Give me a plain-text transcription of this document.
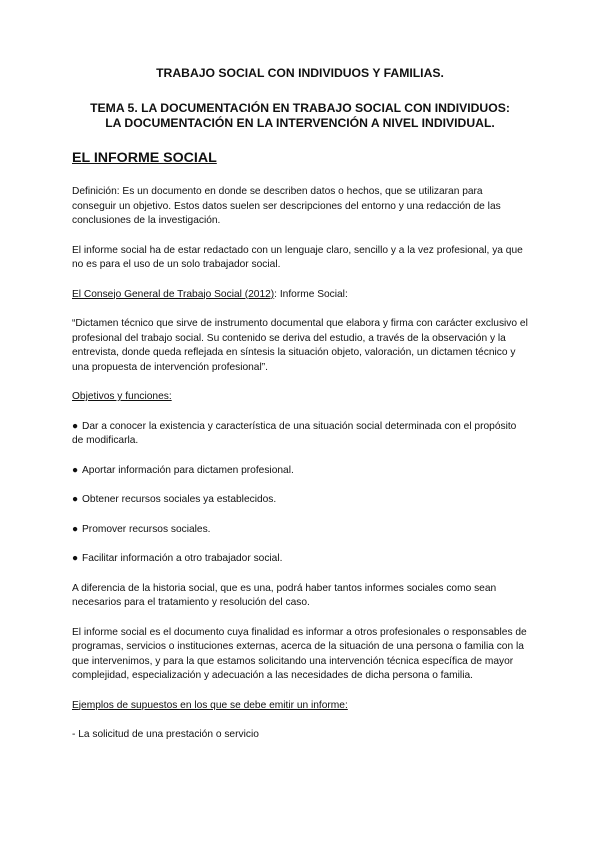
TRABAJO SOCIAL CON INDIVIDUOS Y FAMILIAS.

TEMA 5. LA DOCUMENTACIÓN EN TRABAJO SOCIAL CON INDIVIDUOS:

LA DOCUMENTACIÓN EN LA INTERVENCIÓN A NIVEL INDIVIDUAL.

EL INFORME SOCIAL

Definición: Es un documento en donde se describen datos o hechos, que se utilizaran para conseguir un objetivo. Estos datos suelen ser descripciones del entorno y una redacción de las conclusiones de la investigación.

El informe social ha de estar redactado con un lenguaje claro, sencillo y a la vez profesional, ya que no es para el uso de un solo trabajador social.

El Consejo General de Trabajo Social (2012): Informe Social:

“Dictamen técnico que sirve de instrumento documental que elabora y firma con carácter exclusivo el profesional del trabajo social. Su contenido se deriva del estudio, a través de la observación y la entrevista, donde queda reflejada en síntesis la situación objeto, valoración, un dictamen técnico y una propuesta de intervención profesional”.

Objetivos y funciones:

● Dar a conocer la existencia y característica de una situación social determinada con el propósito de modificarla.

● Aportar información para dictamen profesional.

● Obtener recursos sociales ya establecidos.

● Promover recursos sociales.

● Facilitar información a otro trabajador social.

A diferencia de la historia social, que es una, podrá haber tantos informes sociales como sean necesarios para el tratamiento y resolución del caso.

El informe social es el documento cuya finalidad es informar a otros profesionales o responsables de programas, servicios o instituciones externas, acerca de la situación de una persona o familia con la que intervenimos, y para la que estamos solicitando una intervención técnica específica de mayor complejidad, especialización y adecuación a las necesidades de dicha persona o familia.

Ejemplos de supuestos en los que se debe emitir un informe:

- La solicitud de una prestación o servicio
